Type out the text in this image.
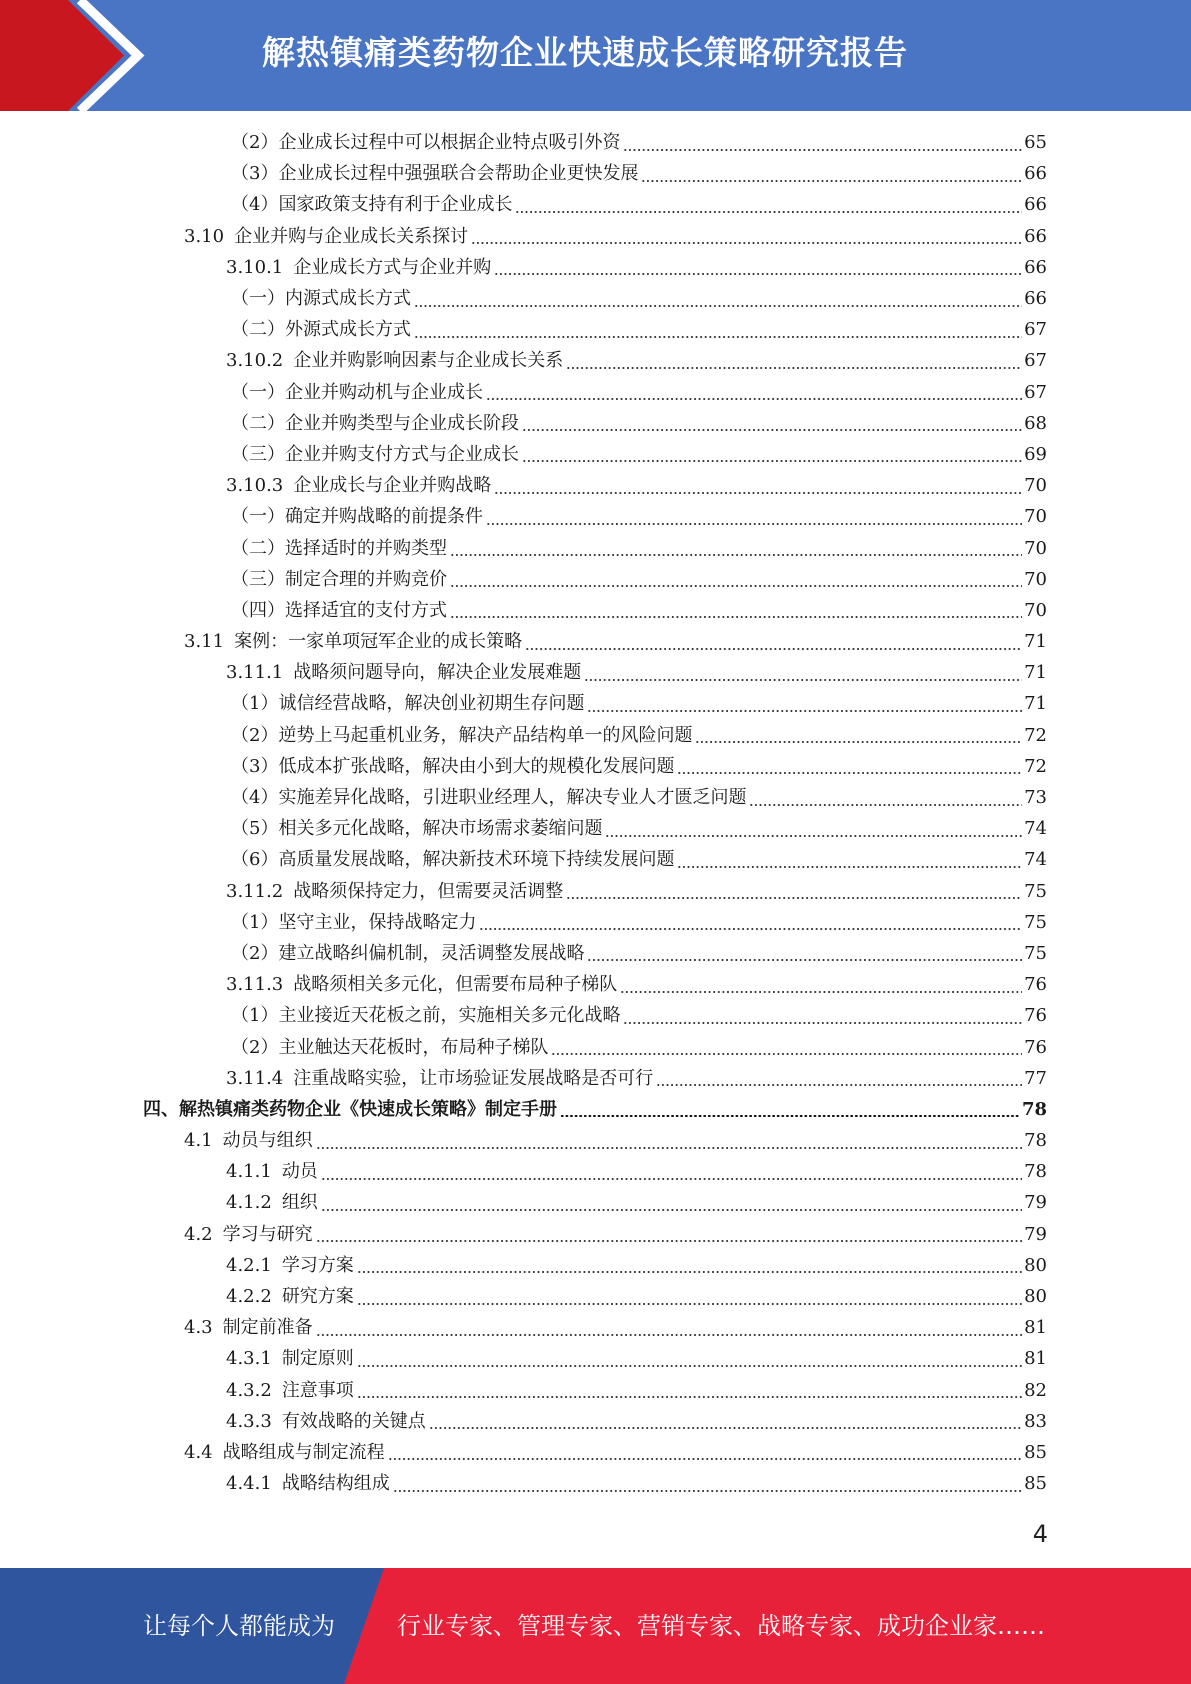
解热镇痛类药物企业快速成长策略研究报告
（2）企业成长过程中可以根据企业特点吸引外资	65
（3）企业成长过程中强强联合会帮助企业更快发展	66
（4）国家政策支持有利于企业成长	66
3.10 企业并购与企业成长关系探讨	66
3.10.1 企业成长方式与企业并购	66
（一）内源式成长方式	66
（二）外源式成长方式	67
3.10.2 企业并购影响因素与企业成长关系	67
（一）企业并购动机与企业成长	67
（二）企业并购类型与企业成长阶段	68
（三）企业并购支付方式与企业成长	69
3.10.3 企业成长与企业并购战略	70
（一）确定并购战略的前提条件	70
（二）选择适时的并购类型	70
（三）制定合理的并购竞价	70
（四）选择适宜的支付方式	70
3.11 案例：一家单项冠军企业的成长策略	71
3.11.1 战略须问题导向，解决企业发展难题	71
（1）诚信经营战略，解决创业初期生存问题	71
（2）逆势上马起重机业务，解决产品结构单一的风险问题	72
（3）低成本扩张战略，解决由小到大的规模化发展问题	72
（4）实施差异化战略，引进职业经理人，解决专业人才匮乏问题	73
（5）相关多元化战略，解决市场需求萎缩问题	74
（6）高质量发展战略，解决新技术环境下持续发展问题	74
3.11.2 战略须保持定力，但需要灵活调整	75
（1）坚守主业，保持战略定力	75
（2）建立战略纠偏机制，灵活调整发展战略	75
3.11.3 战略须相关多元化，但需要布局种子梯队	76
（1）主业接近天花板之前，实施相关多元化战略	76
（2）主业触达天花板时，布局种子梯队	76
3.11.4 注重战略实验，让市场验证发展战略是否可行	77
四、解热镇痛类药物企业《快速成长策略》制定手册	78
4.1 动员与组织	78
4.1.1 动员	78
4.1.2 组织	79
4.2 学习与研究	79
4.2.1 学习方案	80
4.2.2 研究方案	80
4.3 制定前准备	81
4.3.1 制定原则	81
4.3.2 注意事项	82
4.3.3 有效战略的关键点	83
4.4 战略组成与制定流程	85
4.4.1 战略结构组成	85
4
让每个人都能成为	行业专家、管理专家、营销专家、战略专家、成功企业家……
